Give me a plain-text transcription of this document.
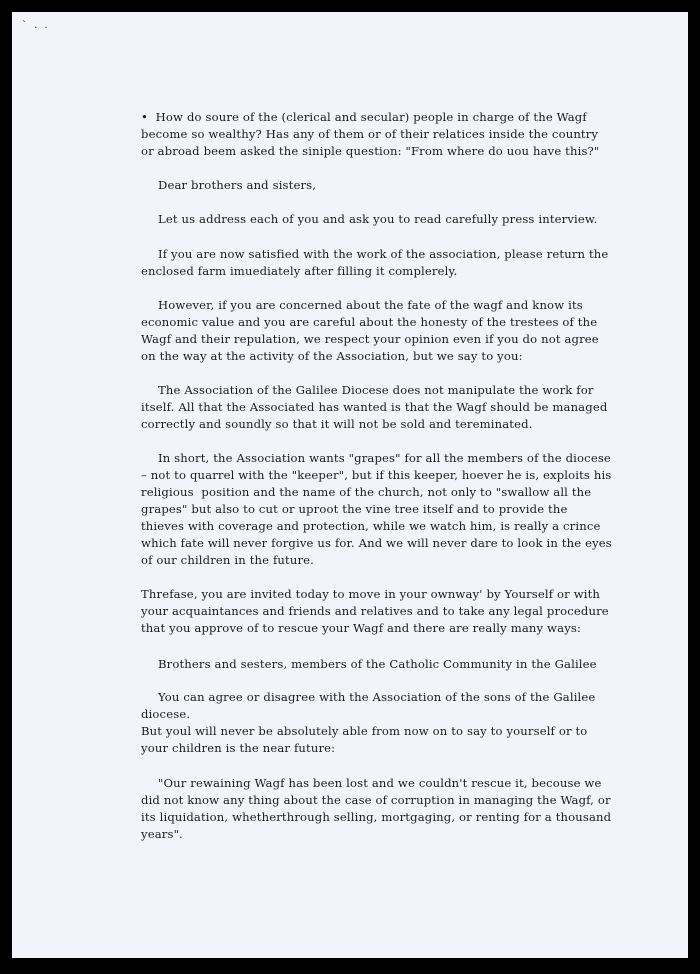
` . .

•  How do soure of the (clerical and secular) people in charge of the Wagf become so wealthy? Has any of them or of their relatices inside the country or abroad beem asked the siniple question: "From where do uou have this?"

Dear brothers and sisters,

Let us address each of you and ask you to read carefully press interview.

If you are now satisfied with the work of the association, please return the enclosed farm imuediately after filling it complerely.

However, if you are concerned about the fate of the wagf and know its economic value and you are careful about the honesty of the trestees of the Wagf and their repulation, we respect your opinion even if you do not agree on the way at the activity of the Association, but we say to you:

The Association of the Galilee Diocese does not manipulate the work for itself. All that the Associated has wanted is that the Wagf should be managed correctly and soundly so that it will not be sold and tereminated.

In short, the Association wants "grapes" for all the members of the diocese – not to quarrel with the "keeper", but if this keeper, hoever he is, exploits his religious  position and the name of the church, not only to "swallow all the grapes" but also to cut or uproot the vine tree itself and to provide the thieves with coverage and protection, while we watch him, is really a crince which fate will never forgive us for. And we will never dare to look in the eyes of our children in the future.

Threfase, you are invited today to move in your ownway' by Yourself or with your acquaintances and friends and relatives and to take any legal procedure that you approve of to rescue your Wagf and there are really many ways:

Brothers and sesters, members of the Catholic Community in the Galilee

You can agree or disagree with the Association of the sons of the Galilee diocese.

But youl will never be absolutely able from now on to say to yourself or to your children is the near future:

"Our rewaining Wagf has been lost and we couldn't rescue it, becouse we did not know any thing about the case of corruption in managing the Wagf, or its liquidation, whetherthrough selling, mortgaging, or renting for a thousand years".
